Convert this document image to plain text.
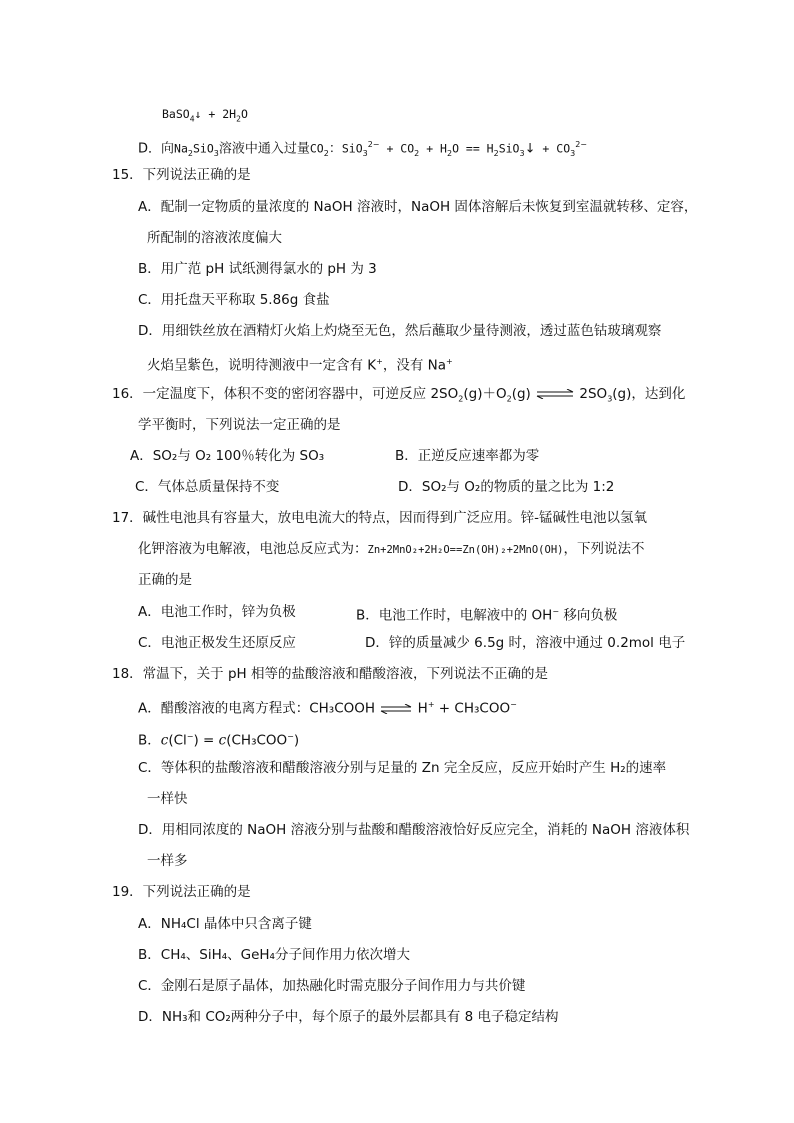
BaSO$_4$↓ + $2H_2O$
D．向$Na_2SiO_3$溶液中通入过量$CO_2$：$SiO_3^{2-} + CO_2 + H_2O$ == $H_2SiO_3↓ + CO_3^{2-}$
15．下列说法正确的是
A．配制一定物质的量浓度的 NaOH 溶液时，NaOH 固体溶解后未恢复到室温就转移、定容，
所配制的溶液浓度偏大
B．用广范 pH 试纸测得氯水的 pH 为 3
C．用托盘天平称取 5.86g 食盐
D．用细铁丝放在酒精灯火焰上灼烧至无色，然后蘸取少量待测液，透过蓝色钴玻璃观察
火焰呈紫色，说明待测液中一定含有 K+，没有 Na+
16．一定温度下，体积不变的密闭容器中，可逆反应 $2SO_2(g)+O_2(g)$ ⇌ $2SO_3(g)$，达到化
学平衡时，下列说法一定正确的是
A．SO₂与 O₂ 100％转化为 SO₃	B．正逆反应速率都为零
C．气体总质量保持不变	D．SO₂与 O₂的物质的量之比为 1:2
17．碱性电池具有容量大，放电电流大的特点，因而得到广泛应用。锌-锰碱性电池以氢氧
化钾溶液为电解液，电池总反应式为：Zn+2MnO₂+2H₂O==Zn(OH)₂+2MnO(OH)，下列说法不
正确的是
A．电池工作时，锌为负极	B．电池工作时，电解液中的 OH− 移向负极
C．电池正极发生还原反应	D．锌的质量减少 6.5g 时，溶液中通过 0.2mol 电子
18．常温下，关于 pH 相等的盐酸溶液和醋酸溶液，下列说法不正确的是
A．醋酸溶液的电离方程式：CH₃COOH ⇌ H+ + CH₃COO−
B．c(Cl−) = c(CH₃COO−)
C．等体积的盐酸溶液和醋酸溶液分别与足量的 Zn 完全反应，反应开始时产生 H₂的速率
一样快
D．用相同浓度的 NaOH 溶液分别与盐酸和醋酸溶液恰好反应完全，消耗的 NaOH 溶液体积
一样多
19．下列说法正确的是
A．NH₄Cl 晶体中只含离子键
B．CH₄、SiH₄、GeH₄分子间作用力依次增大
C．金刚石是原子晶体，加热融化时需克服分子间作用力与共价键
D．NH₃和 CO₂两种分子中，每个原子的最外层都具有 8 电子稳定结构
